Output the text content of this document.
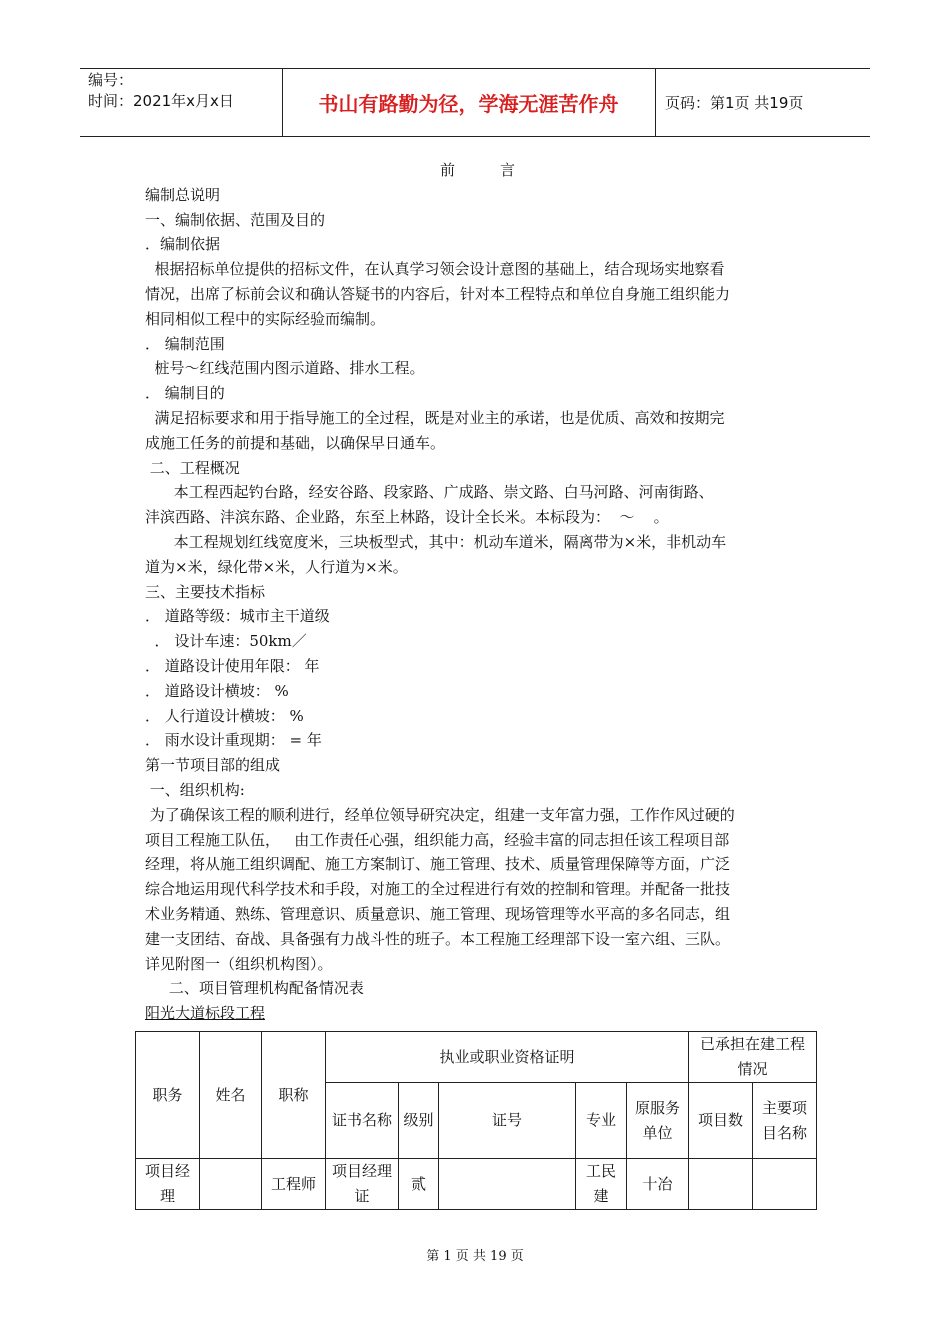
编号：
时间：2021年x月x日	书山有路勤为径，学海无涯苦作舟	页码：第1页 共19页

前　　　言

编制总说明

一、编制依据、范围及目的

．编制依据

根据招标单位提供的招标文件，在认真学习领会设计意图的基础上，结合现场实地察看

情况，出席了标前会议和确认答疑书的内容后，针对本工程特点和单位自身施工组织能力

相同相似工程中的实际经验而编制。

． 编制范围

桩号～红线范围内图示道路、排水工程。

． 编制目的

满足招标要求和用于指导施工的全过程，既是对业主的承诺，也是优质、高效和按期完

成施工任务的前提和基础，以确保早日通车。

二、工程概况

本工程西起钓台路，经安谷路、段家路、广成路、崇文路、白马河路、河南街路、

沣滨西路、沣滨东路、企业路，东至上林路，设计全长米。本标段为：  ～    。

本工程规划红线宽度米，三块板型式，其中：机动车道米，隔离带为×米，非机动车

道为×米，绿化带×米，人行道为×米。

三、主要技术指标

． 道路等级：城市主干道级

． 设计车速：50km／

． 道路设计使用年限： 年

． 道路设计横坡： %

． 人行道设计横坡： %

． 雨水设计重现期： = 年

第一节项目部的组成

一、组织机构:

为了确保该工程的顺利进行，经单位领导研究决定，组建一支年富力强，工作作风过硬的

项目工程施工队伍，   由工作责任心强，组织能力高，经验丰富的同志担任该工程项目部

经理，将从施工组织调配、施工方案制订、施工管理、技术、质量管理保障等方面，广泛

综合地运用现代科学技术和手段，对施工的全过程进行有效的控制和管理。并配备一批技

术业务精通、熟练、管理意识、质量意识、施工管理、现场管理等水平高的多名同志，组

建一支团结、奋战、具备强有力战斗性的班子。本工程施工经理部下设一室六组、三队。

详见附图一（组织机构图）。

二、项目管理机构配备情况表

阳光大道标段工程

职务	姓名	职称	执业或职业资格证明					已承担在建工程情况	
			证书名称	级别	证号	专业	原服务单位	项目数	主要项目名称
项目经理		工程师	项目经理证	贰		工民建	十冶		
第 1 页 共 19 页
